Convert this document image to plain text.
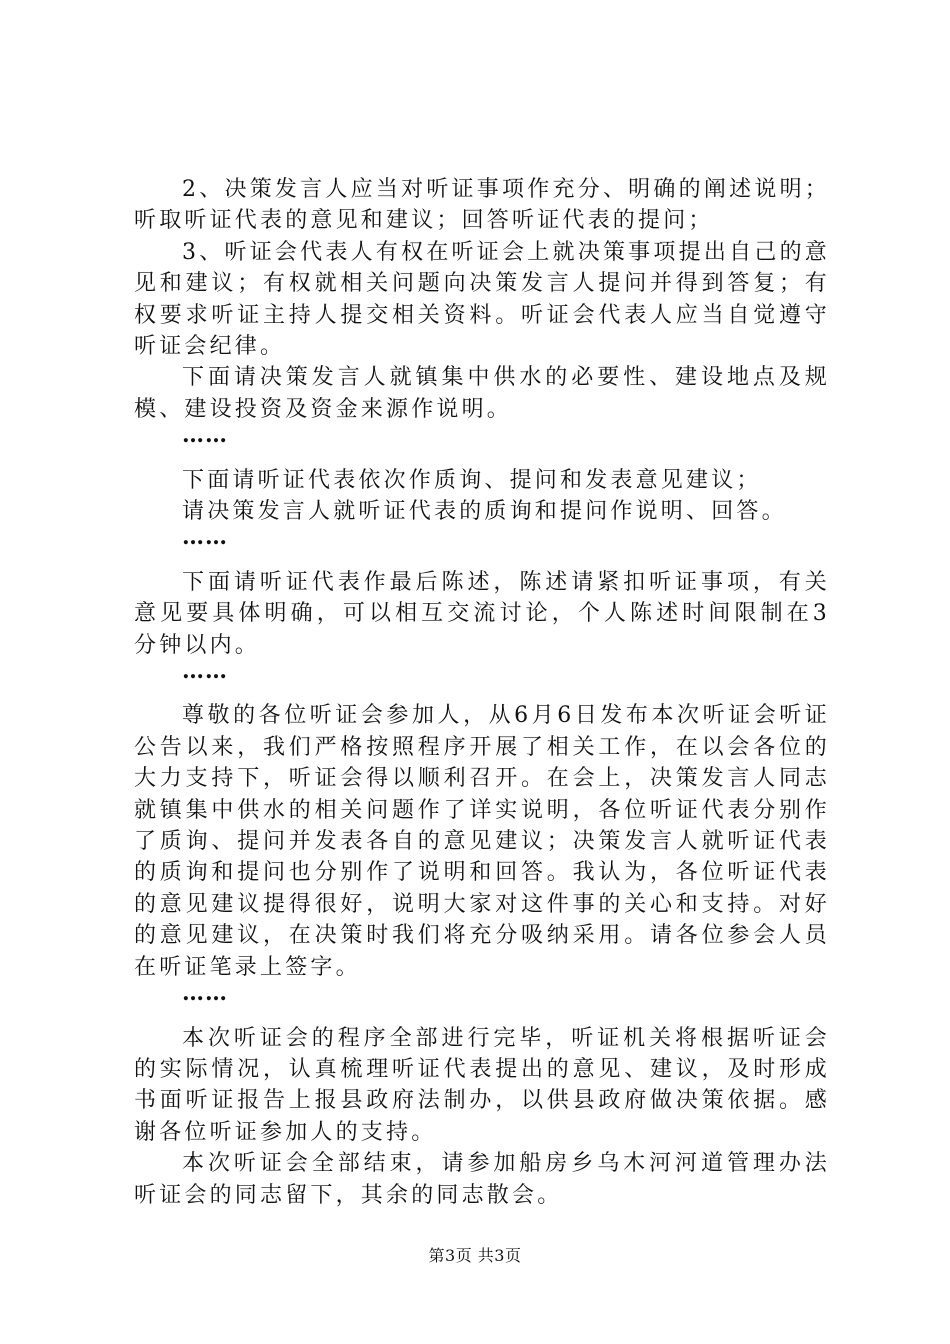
2、决策发言人应当对听证事项作充分、明确的阐述说明；听取听证代表的意见和建议；回答听证代表的提问；

3、听证会代表人有权在听证会上就决策事项提出自己的意见和建议；有权就相关问题向决策发言人提问并得到答复；有权要求听证主持人提交相关资料。听证会代表人应当自觉遵守听证会纪律。

下面请决策发言人就镇集中供水的必要性、建设地点及规模、建设投资及资金来源作说明。

……

下面请听证代表依次作质询、提问和发表意见建议；

请决策发言人就听证代表的质询和提问作说明、回答。

……

下面请听证代表作最后陈述，陈述请紧扣听证事项，有关意见要具体明确，可以相互交流讨论，个人陈述时间限制在3分钟以内。

……

尊敬的各位听证会参加人，从6月6日发布本次听证会听证公告以来，我们严格按照程序开展了相关工作，在以会各位的大力支持下，听证会得以顺利召开。在会上，决策发言人同志就镇集中供水的相关问题作了详实说明，各位听证代表分别作了质询、提问并发表各自的意见建议；决策发言人就听证代表的质询和提问也分别作了说明和回答。我认为，各位听证代表的意见建议提得很好，说明大家对这件事的关心和支持。对好的意见建议，在决策时我们将充分吸纳采用。请各位参会人员在听证笔录上签字。

……

本次听证会的程序全部进行完毕，听证机关将根据听证会的实际情况，认真梳理听证代表提出的意见、建议，及时形成书面听证报告上报县政府法制办，以供县政府做决策依据。感谢各位听证参加人的支持。

本次听证会全部结束，请参加船房乡乌木河河道管理办法听证会的同志留下，其余的同志散会。

第3页 共3页
